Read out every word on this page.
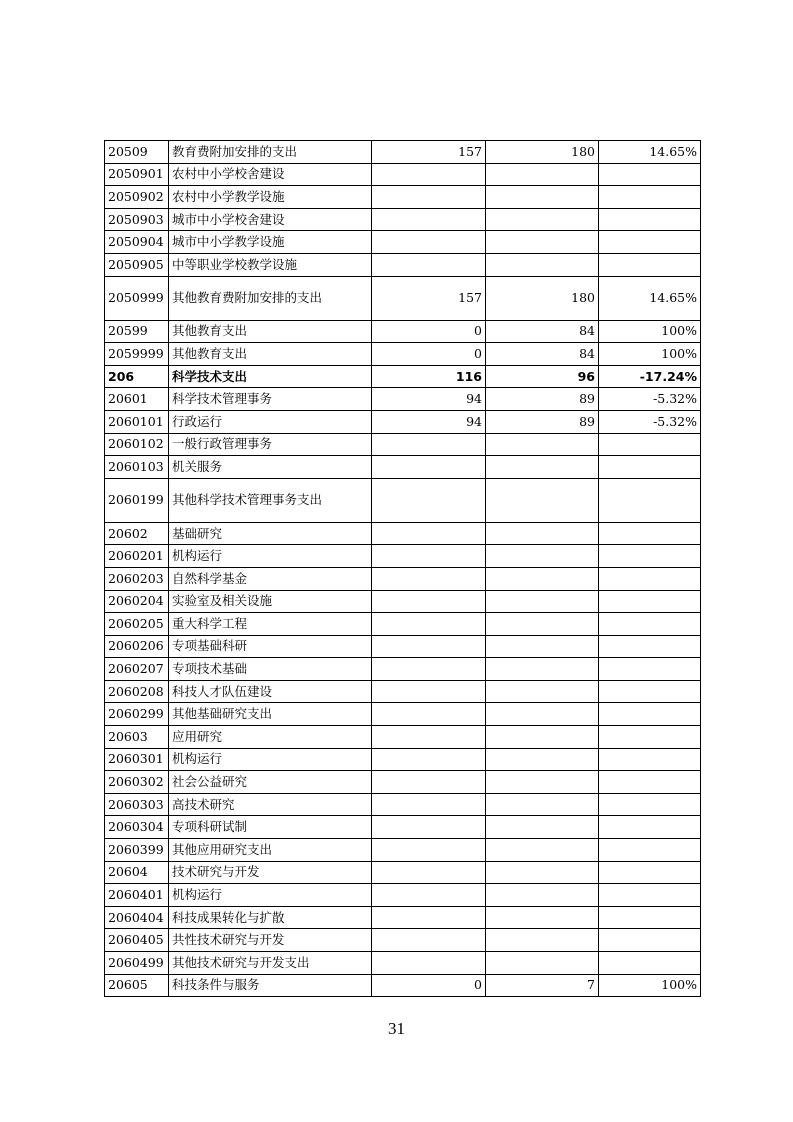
20509	教育费附加安排的支出	157	180	14.65%
2050901	农村中小学校舍建设			
2050902	农村中小学教学设施			
2050903	城市中小学校舍建设			
2050904	城市中小学教学设施			
2050905	中等职业学校教学设施			
2050999	其他教育费附加安排的支出	157	180	14.65%
20599	其他教育支出	0	84	100%
2059999	其他教育支出	0	84	100%
206	科学技术支出	116	96	-17.24%
20601	科学技术管理事务	94	89	-5.32%
2060101	行政运行	94	89	-5.32%
2060102	一般行政管理事务			
2060103	机关服务			
2060199	其他科学技术管理事务支出			
20602	基础研究			
2060201	机构运行			
2060203	自然科学基金			
2060204	实验室及相关设施			
2060205	重大科学工程			
2060206	专项基础科研			
2060207	专项技术基础			
2060208	科技人才队伍建设			
2060299	其他基础研究支出			
20603	应用研究			
2060301	机构运行			
2060302	社会公益研究			
2060303	高技术研究			
2060304	专项科研试制			
2060399	其他应用研究支出			
20604	技术研究与开发			
2060401	机构运行			
2060404	科技成果转化与扩散			
2060405	共性技术研究与开发			
2060499	其他技术研究与开发支出			
20605	科技条件与服务	0	7	100%
31
